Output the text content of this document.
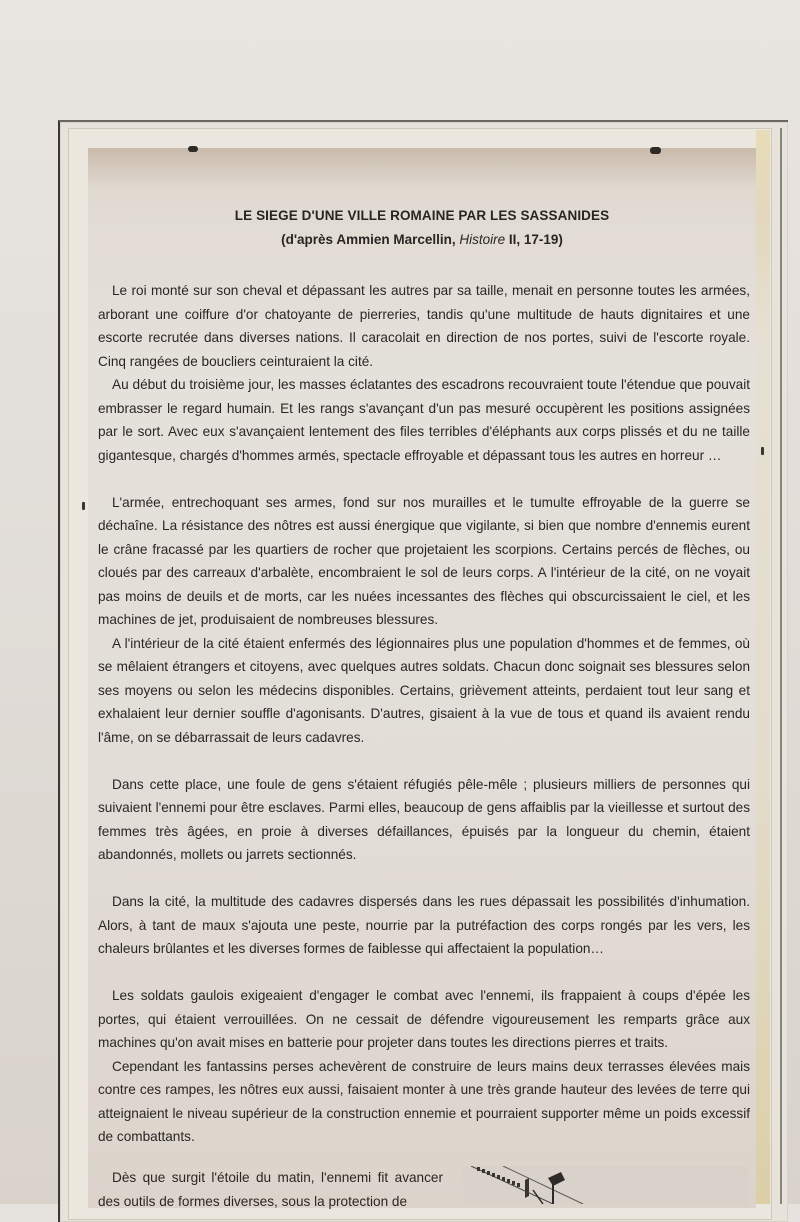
LE SIEGE D'UNE VILLE ROMAINE PAR LES SASSANIDES
(d'après Ammien Marcellin, Histoire II, 17-19)

Le roi monté sur son cheval et dépassant les autres par sa taille, menait en personne toutes les armées, arborant une coiffure d'or chatoyante de pierreries, tandis qu'une multitude de hauts dignitaires et une escorte recrutée dans diverses nations. Il caracolait en direction de nos portes, suivi de l'escorte royale. Cinq rangées de boucliers ceinturaient la cité.

Au début du troisième jour, les masses éclatantes des escadrons recouvraient toute l'étendue que pouvait embrasser le regard humain. Et les rangs s'avançant d'un pas mesuré occupèrent les positions assignées par le sort. Avec eux s'avançaient lentement des files terribles d'éléphants aux corps plissés et du ne taille gigantesque, chargés d'hommes armés, spectacle effroyable et dépassant tous les autres en horreur …

L'armée, entrechoquant ses armes, fond sur nos murailles et le tumulte effroyable de la guerre se déchaîne. La résistance des nôtres est aussi énergique que vigilante, si bien que nombre d'ennemis eurent le crâne fracassé par les quartiers de rocher que projetaient les scorpions. Certains percés de flèches, ou cloués par des carreaux d'arbalète, encombraient le sol de leurs corps. A l'intérieur de la cité, on ne voyait pas moins de deuils et de morts, car les nuées incessantes des flèches qui obscurcissaient le ciel, et les machines de jet, produisaient de nombreuses blessures.

A l'intérieur de la cité étaient enfermés des légionnaires plus une population d'hommes et de femmes, où se mêlaient étrangers et citoyens, avec quelques autres soldats. Chacun donc soignait ses blessures selon ses moyens ou selon les médecins disponibles. Certains, grièvement atteints, perdaient tout leur sang et exhalaient leur dernier souffle d'agonisants. D'autres, gisaient à la vue de tous et quand ils avaient rendu l'âme, on se débarrassait de leurs cadavres.

Dans cette place, une foule de gens s'étaient réfugiés pêle-mêle ; plusieurs milliers de personnes qui suivaient l'ennemi pour être esclaves. Parmi elles, beaucoup de gens affaiblis par la vieillesse et surtout des femmes très âgées, en proie à diverses défaillances, épuisés par la longueur du chemin, étaient abandonnés, mollets ou jarrets sectionnés.

Dans la cité, la multitude des cadavres dispersés dans les rues dépassait les possibilités d'inhumation. Alors, à tant de maux s'ajouta une peste, nourrie par la putréfaction des corps rongés par les vers, les chaleurs brûlantes et les diverses formes de faiblesse qui affectaient la population…

Les soldats gaulois exigeaient d'engager le combat avec l'ennemi, ils frappaient à coups d'épée les portes, qui étaient verrouillées. On ne cessait de défendre vigoureusement les remparts grâce aux machines qu'on avait mises en batterie pour projeter dans toutes les directions pierres et traits.

Cependant les fantassins perses achevèrent de construire de leurs mains deux terrasses élevées mais contre ces rampes, les nôtres eux aussi, faisaient monter à une très grande hauteur des levées de terre qui atteignaient le niveau supérieur de la construction ennemie et pourraient supporter même un poids excessif de combattants.

Dès que surgit l'étoile du matin, l'ennemi fit avancer des outils de formes diverses, sous la protection de
